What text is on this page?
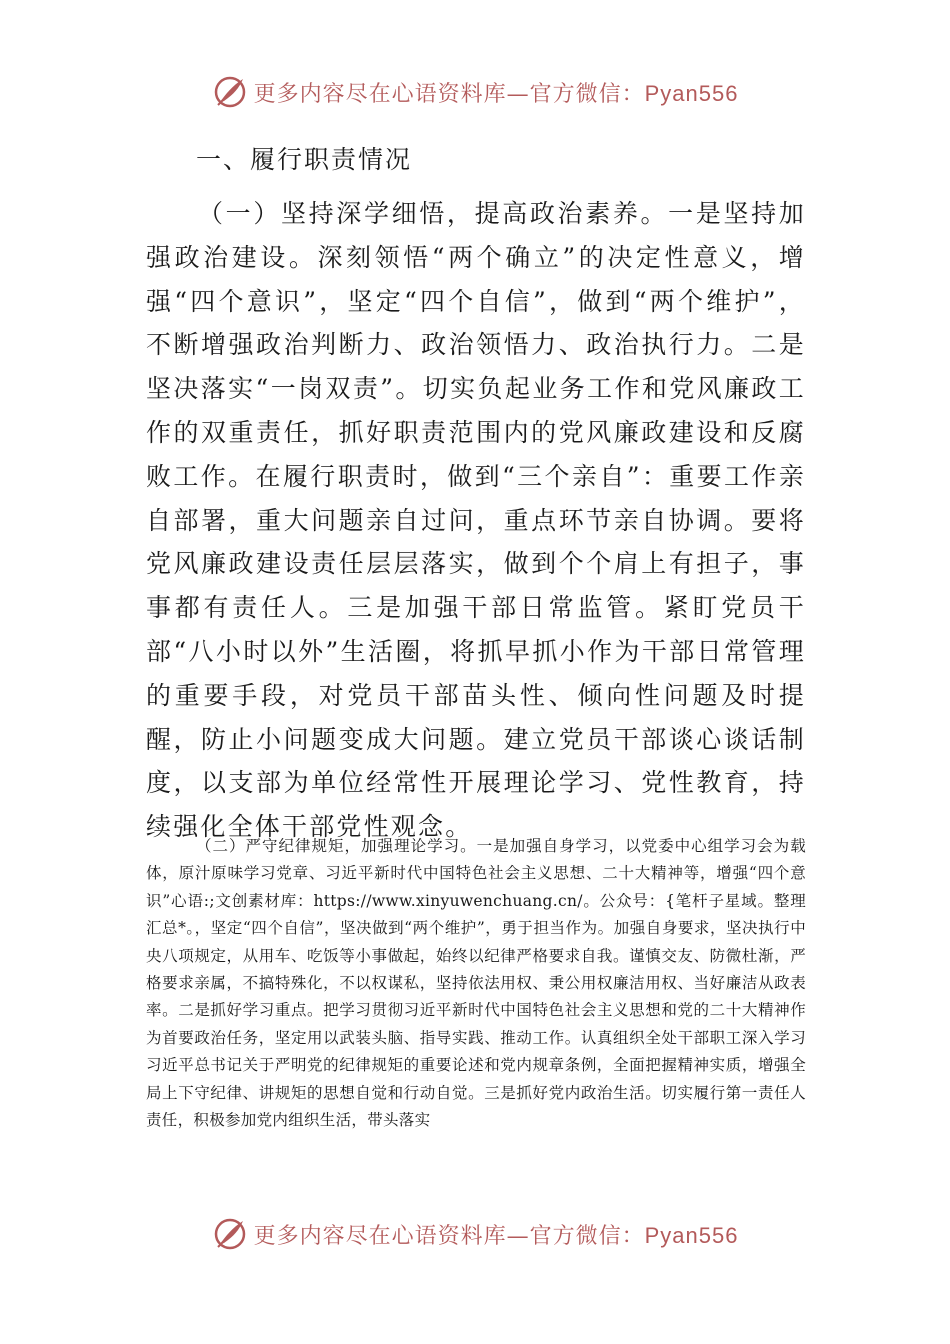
更多内容尽在心语资料库—官方微信：Pyan556
一、履行职责情况

（一）坚持深学细悟，提高政治素养。一是坚持加强政治建设。深刻领悟“两个确立”的决定性意义，增强“四个意识”，坚定“四个自信”，做到“两个维护”，不断增强政治判断力、政治领悟力、政治执行力。二是坚决落实“一岗双责”。切实负起业务工作和党风廉政工作的双重责任，抓好职责范围内的党风廉政建设和反腐败工作。在履行职责时，做到“三个亲自”：重要工作亲自部署，重大问题亲自过问，重点环节亲自协调。要将党风廉政建设责任层层落实，做到个个肩上有担子，事事都有责任人。三是加强干部日常监管。紧盯党员干部“八小时以外”生活圈，将抓早抓小作为干部日常管理的重要手段，对党员干部苗头性、倾向性问题及时提醒，防止小问题变成大问题。建立党员干部谈心谈话制度，以支部为单位经常性开展理论学习、党性教育，持续强化全体干部党性观念。

（二）严守纪律规矩，加强理论学习。一是加强自身学习，以党委中心组学习会为载体，原汁原味学习党章、习近平新时代中国特色社会主义思想、二十大精神等，增强“四个意识”心语:;文创素材库：https://www.xinyuwenchuang.cn/。公众号：{笔杆子星域。整理汇总*。，坚定“四个自信”，坚决做到“两个维护”，勇于担当作为。加强自身要求，坚决执行中央八项规定，从用车、吃饭等小事做起，始终以纪律严格要求自我。谨慎交友、防微杜渐，严格要求亲属，不搞特殊化，不以权谋私，坚持依法用权、秉公用权廉洁用权、当好廉洁从政表率。二是抓好学习重点。把学习贯彻习近平新时代中国特色社会主义思想和党的二十大精神作为首要政治任务，坚定用以武装头脑、指导实践、推动工作。认真组织全处干部职工深入学习习近平总书记关于严明党的纪律规矩的重要论述和党内规章条例，全面把握精神实质，增强全局上下守纪律、讲规矩的思想自觉和行动自觉。三是抓好党内政治生活。切实履行第一责任人责任，积极参加党内组织生活，带头落实

更多内容尽在心语资料库—官方微信：Pyan556
